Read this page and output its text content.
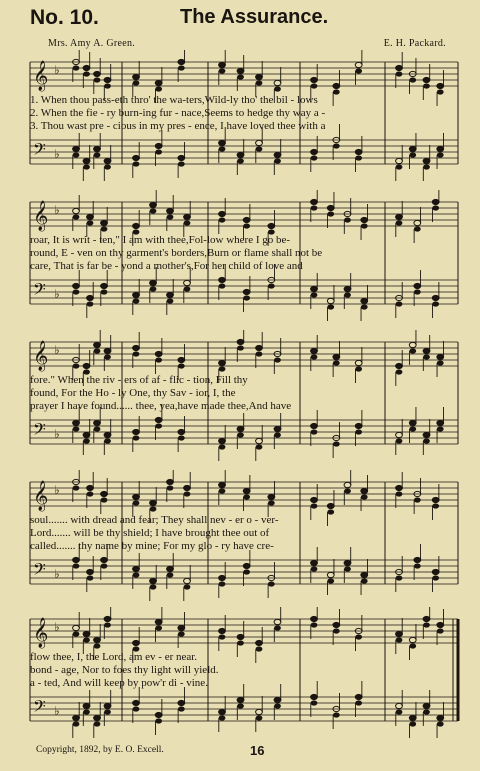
No. 10.	The Assurance.
Mrs. Amy A. Green.	E. H. Packard.
𝄞
𝄢
♭
♭
1. When thou pass-eth thro' the wa-ters,Wild-ly tho' the bil - lows
2. When the fie - ry burn-ing fur - nace,Seems to hedge thy way a -
3. Thou wast pre - cious in my pres - ence, I have loved thee with a
𝄞
𝄢
♭
♭
roar, It is writ - ten," I am with thee,Fol-low where I go be-
round, E - ven on thy garment's borders,Burn or flame shall not be
care, That is far be - yond a mother's,For her child of love and
𝄞
𝄢
♭
♭
fore." When the riv - ers of af - flic - tion, Fill thy
found, For the Ho - ly One, thy Sav - ior, I, the
prayer I have found...... thee, yea,have made thee,And have
𝄞
𝄢
♭
♭
soul....... with dread and fear; They shall nev - er o - ver-
Lord....... will be thy shield; I have brought thee out of
called....... thy name by mine; For my glo - ry have cre-
𝄞
𝄢
♭
♭
flow thee, I, the Lord, am ev - er near.
bond - age, Nor to foes thy light will yield.
a - ted, And will keep by pow'r di - vine.
Copyright, 1892, by E. O. Excell.	16
